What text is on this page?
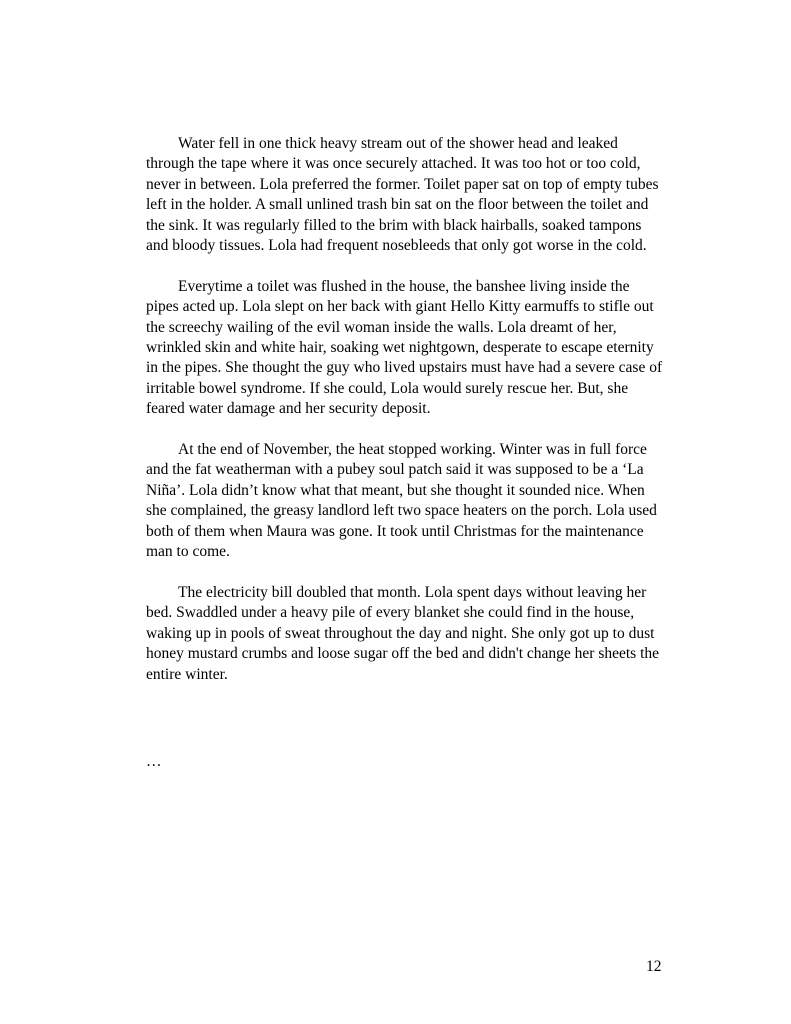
Water fell in one thick heavy stream out of the shower head and leaked
through the tape where it was once securely attached. It was too hot or too cold,
never in between. Lola preferred the former. Toilet paper sat on top of empty tubes
left in the holder. A small unlined trash bin sat on the floor between the toilet and
the sink. It was regularly filled to the brim with black hairballs, soaked tampons
and bloody tissues. Lola had frequent nosebleeds that only got worse in the cold.

Everytime a toilet was flushed in the house, the banshee living inside the
pipes acted up. Lola slept on her back with giant Hello Kitty earmuffs to stifle out
the screechy wailing of the evil woman inside the walls. Lola dreamt of her,
wrinkled skin and white hair, soaking wet nightgown, desperate to escape eternity
in the pipes. She thought the guy who lived upstairs must have had a severe case of
irritable bowel syndrome. If she could, Lola would surely rescue her. But, she
feared water damage and her security deposit.

At the end of November, the heat stopped working. Winter was in full force
and the fat weatherman with a pubey soul patch said it was supposed to be a ‘La
Niña’. Lola didn’t know what that meant, but she thought it sounded nice. When
she complained, the greasy landlord left two space heaters on the porch. Lola used
both of them when Maura was gone. It took until Christmas for the maintenance
man to come.

The electricity bill doubled that month. Lola spent days without leaving her
bed. Swaddled under a heavy pile of every blanket she could find in the house,
waking up in pools of sweat throughout the day and night. She only got up to dust
honey mustard crumbs and loose sugar off the bed and didn't change her sheets the
entire winter.

…
12
